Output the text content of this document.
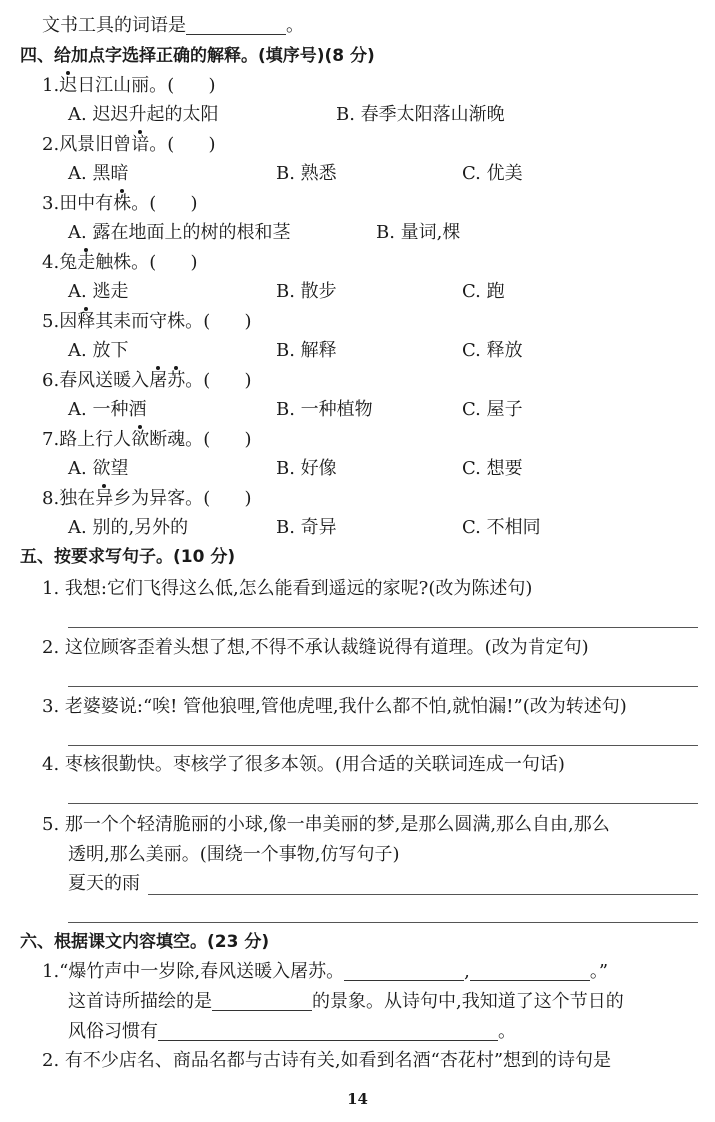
文书工具的词语是	。
四、给加点字选择正确的解释。(填序号)(8 分)
1.迟日江山丽。(      )
A. 迟迟升起的太阳	B. 春季太阳落山渐晚
2.风景旧曾谙。(      )
A. 黑暗	B. 熟悉	C. 优美
3.田中有株。(      )
A. 露在地面上的树的根和茎	B. 量词,棵
4.兔走触株。(      )
A. 逃走	B. 散步	C. 跑
5.因释其耒而守株。(      )
A. 放下	B. 解释	C. 释放
6.春风送暖入屠苏。(      )
A. 一种酒	B. 一种植物	C. 屋子
7.路上行人欲断魂。(      )
A. 欲望	B. 好像	C. 想要
8.独在异乡为异客。(      )
A. 别的,另外的	B. 奇异	C. 不相同
五、按要求写句子。(10 分)
1. 我想:它们飞得这么低,怎么能看到遥远的家呢?(改为陈述句)
2. 这位顾客歪着头想了想,不得不承认裁缝说得有道理。(改为肯定句)
3. 老婆婆说:“唉! 管他狼哩,管他虎哩,我什么都不怕,就怕漏!”(改为转述句)
4. 枣核很勤快。枣核学了很多本领。(用合适的关联词连成一句话)
5. 那一个个轻清脆丽的小球,像一串美丽的梦,是那么圆满,那么自由,那么
透明,那么美丽。(围绕一个事物,仿写句子)
夏天的雨
六、根据课文内容填空。(23 分)
1.“爆竹声中一岁除,春风送暖入屠苏。	,	。”
这首诗所描绘的是	的景象。从诗句中,我知道了这个节日的
风俗习惯有	。
2. 有不少店名、商品名都与古诗有关,如看到名酒“杏花村”想到的诗句是
14
